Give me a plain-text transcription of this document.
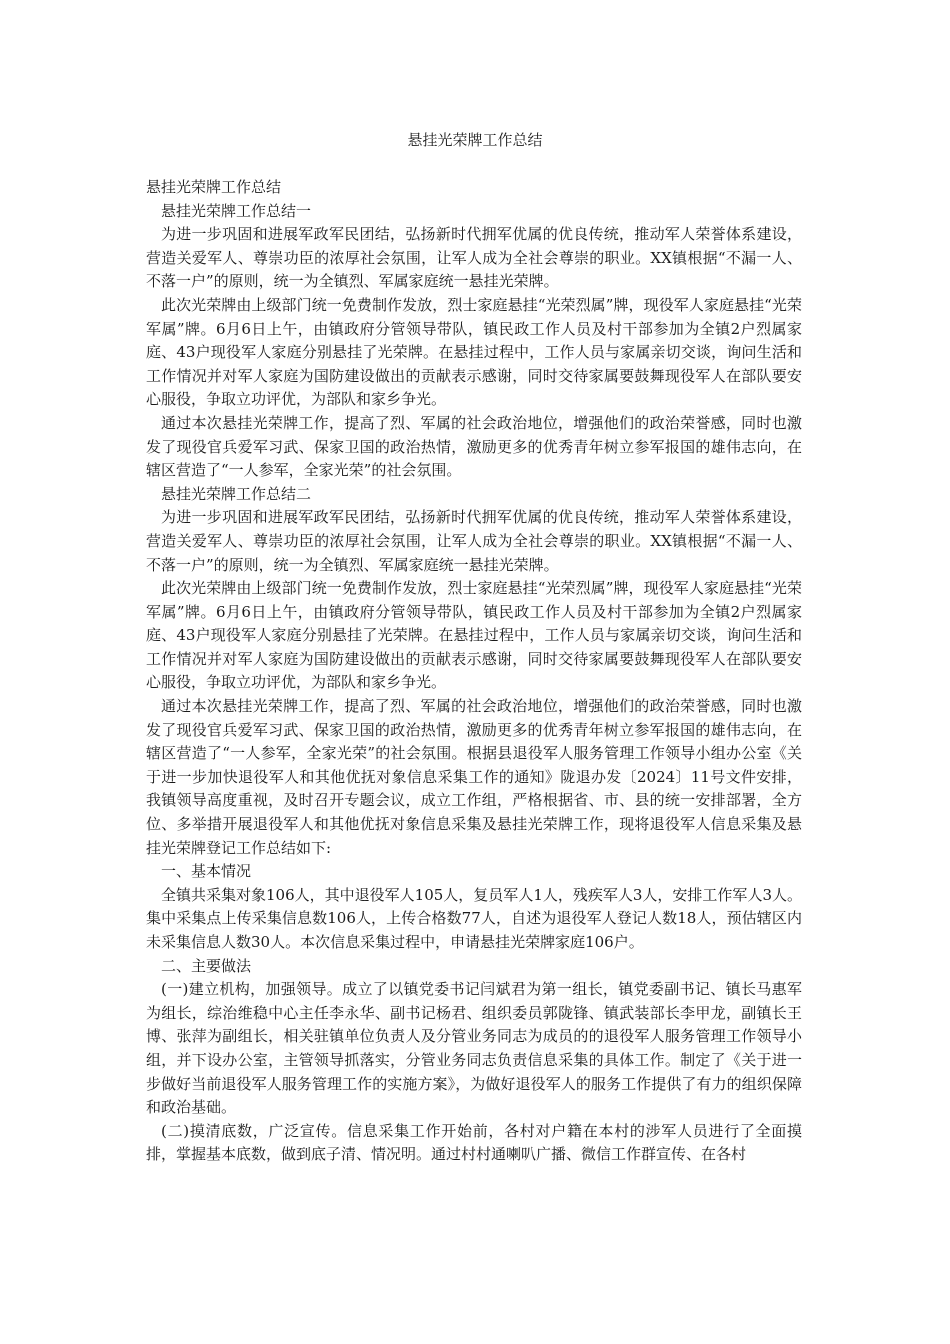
悬挂光荣牌工作总结

悬挂光荣牌工作总结

悬挂光荣牌工作总结一

为进一步巩固和进展军政军民团结，弘扬新时代拥军优属的优良传统，推动军人荣誉体系建设，营造关爱军人、尊崇功臣的浓厚社会氛围，让军人成为全社会尊崇的职业。XX镇根据“不漏一人、不落一户”的原则，统一为全镇烈、军属家庭统一悬挂光荣牌。

此次光荣牌由上级部门统一免费制作发放，烈士家庭悬挂“光荣烈属”牌，现役军人家庭悬挂“光荣军属”牌。6月6日上午，由镇政府分管领导带队，镇民政工作人员及村干部参加为全镇2户烈属家庭、43户现役军人家庭分别悬挂了光荣牌。在悬挂过程中，工作人员与家属亲切交谈，询问生活和工作情况并对军人家庭为国防建设做出的贡献表示感谢，同时交待家属要鼓舞现役军人在部队要安心服役，争取立功评优，为部队和家乡争光。

通过本次悬挂光荣牌工作，提高了烈、军属的社会政治地位，增强他们的政治荣誉感，同时也激发了现役官兵爱军习武、保家卫国的政治热情，激励更多的优秀青年树立参军报国的雄伟志向，在辖区营造了“一人参军，全家光荣”的社会氛围。

悬挂光荣牌工作总结二

为进一步巩固和进展军政军民团结，弘扬新时代拥军优属的优良传统，推动军人荣誉体系建设，营造关爱军人、尊崇功臣的浓厚社会氛围，让军人成为全社会尊崇的职业。XX镇根据“不漏一人、不落一户”的原则，统一为全镇烈、军属家庭统一悬挂光荣牌。

此次光荣牌由上级部门统一免费制作发放，烈士家庭悬挂“光荣烈属”牌，现役军人家庭悬挂“光荣军属”牌。6月6日上午，由镇政府分管领导带队，镇民政工作人员及村干部参加为全镇2户烈属家庭、43户现役军人家庭分别悬挂了光荣牌。在悬挂过程中，工作人员与家属亲切交谈，询问生活和工作情况并对军人家庭为国防建设做出的贡献表示感谢，同时交待家属要鼓舞现役军人在部队要安心服役，争取立功评优，为部队和家乡争光。

通过本次悬挂光荣牌工作，提高了烈、军属的社会政治地位，增强他们的政治荣誉感，同时也激发了现役官兵爱军习武、保家卫国的政治热情，激励更多的优秀青年树立参军报国的雄伟志向，在辖区营造了“一人参军，全家光荣”的社会氛围。根据县退役军人服务管理工作领导小组办公室《关于进一步加快退役军人和其他优抚对象信息采集工作的通知》陇退办发〔2024〕11号文件安排，我镇领导高度重视，及时召开专题会议，成立工作组，严格根据省、市、县的统一安排部署，全方位、多举措开展退役军人和其他优抚对象信息采集及悬挂光荣牌工作，现将退役军人信息采集及悬挂光荣牌登记工作总结如下:

一、基本情况

全镇共采集对象106人，其中退役军人105人，复员军人1人，残疾军人3人，安排工作军人3人。集中采集点上传采集信息数106人，上传合格数77人，自述为退役军人登记人数18人，预估辖区内未采集信息人数30人。本次信息采集过程中，申请悬挂光荣牌家庭106户。

二、主要做法

(一)建立机构，加强领导。成立了以镇党委书记闫斌君为第一组长，镇党委副书记、镇长马惠军为组长，综治维稳中心主任李永华、副书记杨君、组织委员郭陇锋、镇武装部长李甲龙，副镇长王博、张萍为副组长，相关驻镇单位负责人及分管业务同志为成员的的退役军人服务管理工作领导小组，并下设办公室，主管领导抓落实，分管业务同志负责信息采集的具体工作。制定了《关于进一步做好当前退役军人服务管理工作的实施方案》，为做好退役军人的服务工作提供了有力的组织保障和政治基础。

(二)摸清底数，广泛宣传。信息采集工作开始前，各村对户籍在本村的涉军人员进行了全面摸排，掌握基本底数，做到底子清、情况明。通过村村通喇叭广播、微信工作群宣传、在各村
